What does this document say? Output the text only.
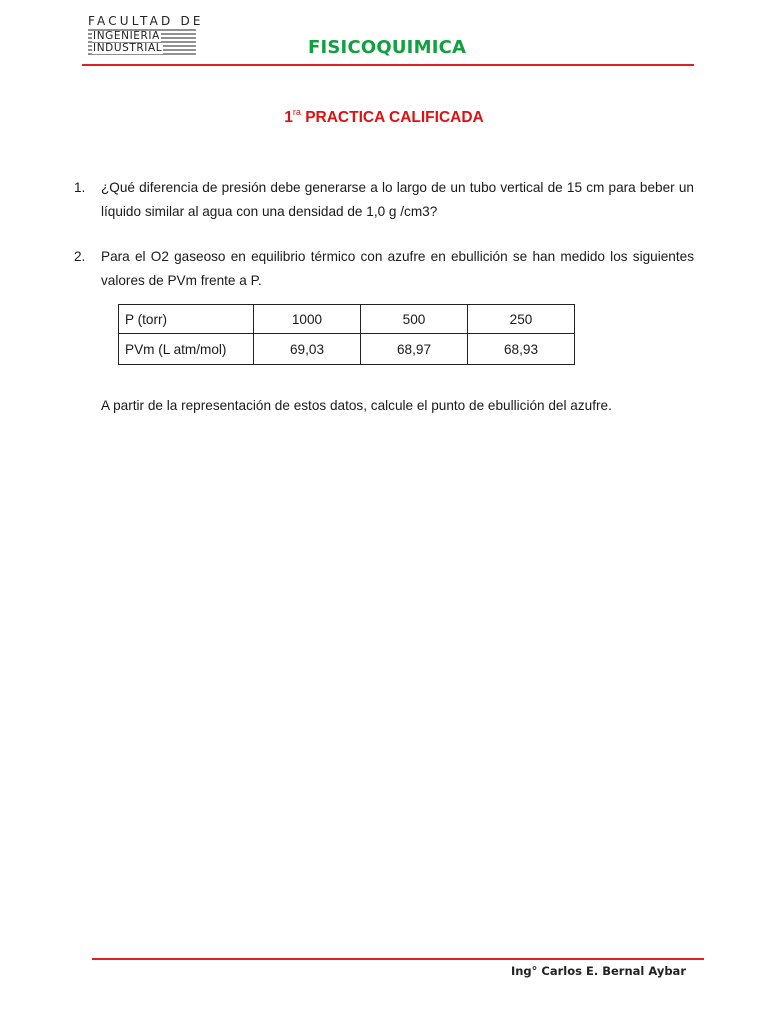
FACULTAD DE
INGENIERIA
INDUSTRIAL	FISICOQUIMICA
$1^{ra}$ PRACTICA CALIFICADA
1. ¿Qué diferencia de presión debe generarse a lo largo de un tubo vertical de 15 cm para beber un líquido similar al agua con una densidad de 1,0 g /cm3?
2. Para el O2 gaseoso en equilibrio térmico con azufre en ebullición se han medido los siguientes valores de PVm frente a P.
P (torr)	1000	500	250
PVm (L atm/mol)	69,03	68,97	68,93
A partir de la representación de estos datos, calcule el punto de ebullición del azufre.
Ing° Carlos E. Bernal Aybar
